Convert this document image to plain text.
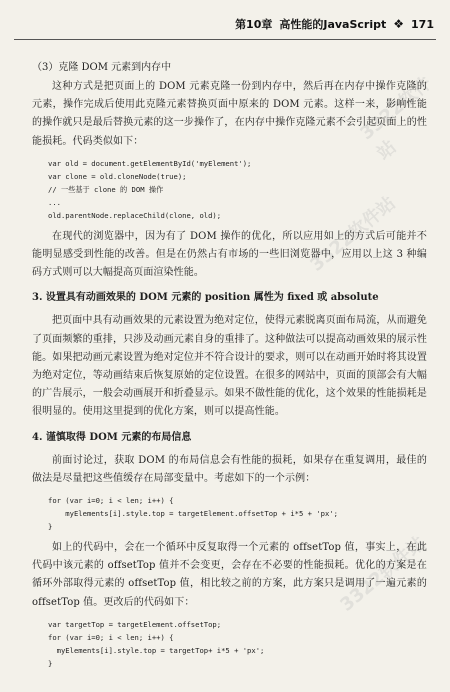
3322软件站
3322软件站
3322软件站
第10章 高性能的JavaScript ❖ 171

（3）克隆 DOM 元素到内存中

这种方式是把页面上的 DOM 元素克隆一份到内存中，然后再在内存中操作克隆的元素，操作完成后使用此克隆元素替换页面中原来的 DOM 元素。这样一来，影响性能的操作就只是最后替换元素的这一步操作了，在内存中操作克隆元素不会引起页面上的性能损耗。代码类似如下：

var old = document.getElementById('myElement');
var clone = old.cloneNode(true);
// 一些基于 clone 的 DOM 操作
...
old.parentNode.replaceChild(clone, old);

在现代的浏览器中，因为有了 DOM 操作的优化，所以应用如上的方式后可能并不能明显感受到性能的改善。但是在仍然占有市场的一些旧浏览器中，应用以上这 3 种编码方式则可以大幅提高页面渲染性能。

3. 设置具有动画效果的 DOM 元素的 position 属性为 fixed 或 absolute

把页面中具有动画效果的元素设置为绝对定位，使得元素脱离页面布局流，从而避免了页面频繁的重排，只涉及动画元素自身的重排了。这种做法可以提高动画效果的展示性能。如果把动画元素设置为绝对定位并不符合设计的要求，则可以在动画开始时将其设置为绝对定位，等动画结束后恢复原始的定位设置。在很多的网站中，页面的顶部会有大幅的广告展示，一般会动画展开和折叠显示。如果不做性能的优化，这个效果的性能损耗是很明显的。使用这里提到的优化方案，则可以提高性能。

4. 谨慎取得 DOM 元素的布局信息

前面讨论过，获取 DOM 的布局信息会有性能的损耗，如果存在重复调用，最佳的做法是尽量把这些值缓存在局部变量中。考虑如下的一个示例：

for (var i=0; i < len; i++) {
myElements[i].style.top = targetElement.offsetTop + i*5 + 'px';
}

如上的代码中，会在一个循环中反复取得一个元素的 offsetTop 值，事实上，在此代码中该元素的 offsetTop 值并不会变更，会存在不必要的性能损耗。优化的方案是在循环外部取得元素的 offsetTop 值，相比较之前的方案，此方案只是调用了一遍元素的 offsetTop 值。更改后的代码如下：

var targetTop = targetElement.offsetTop;
for (var i=0; i < len; i++) {
myElements[i].style.top = targetTop+ i*5 + 'px';
}
